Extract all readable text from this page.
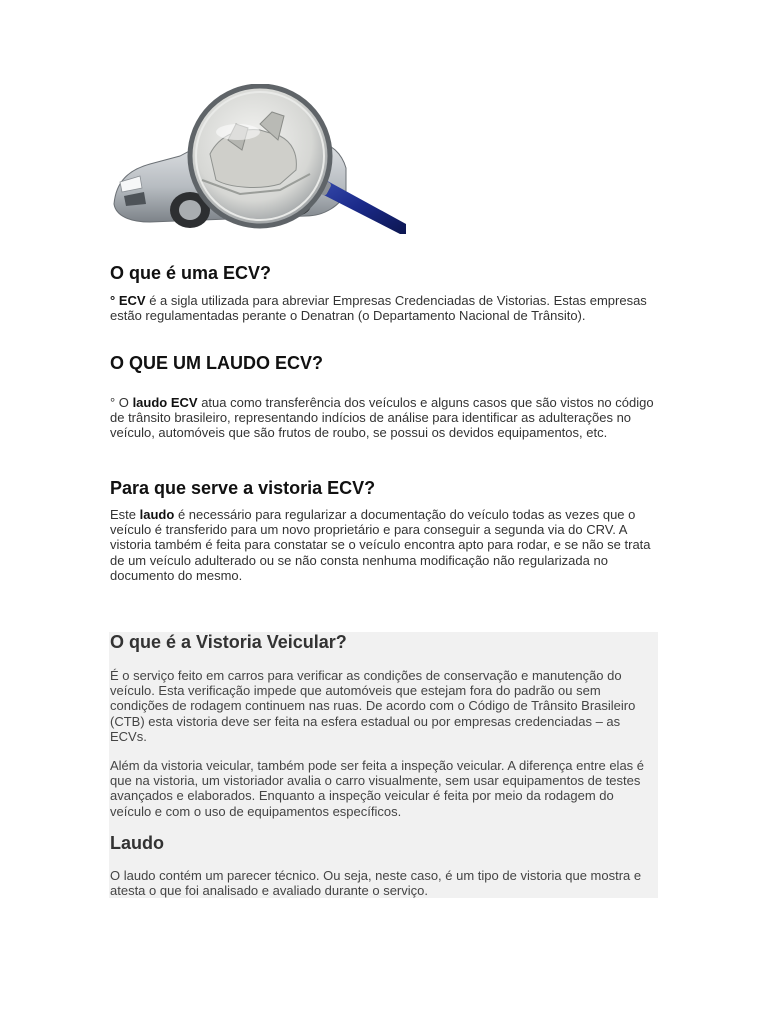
O que é uma ECV?
° ECV é a sigla utilizada para abreviar Empresas Credenciadas de Vistorias. Estas empresas estão regulamentadas perante o Denatran (o Departamento Nacional de Trânsito).
O QUE UM LAUDO ECV?
° O laudo ECV atua como transferência dos veículos e alguns casos que são vistos no código de trânsito brasileiro, representando indícios de análise para identificar as adulterações no veículo, automóveis que são frutos de roubo, se possui os devidos equipamentos, etc.
Para que serve a vistoria ECV?
Este laudo é necessário para regularizar a documentação do veículo todas as vezes que o veículo é transferido para um novo proprietário e para conseguir a segunda via do CRV. A vistoria também é feita para constatar se o veículo encontra apto para rodar, e se não se trata de um veículo adulterado ou se não consta nenhuma modificação não regularizada no documento do mesmo.
O que é a Vistoria Veicular?
É o serviço feito em carros para verificar as condições de conservação e manutenção do veículo. Esta verificação impede que automóveis que estejam fora do padrão ou sem condições de rodagem continuem nas ruas. De acordo com o Código de Trânsito Brasileiro (CTB) esta vistoria deve ser feita na esfera estadual ou por empresas credenciadas – as ECVs.
Além da vistoria veicular, também pode ser feita a inspeção veicular. A diferença entre elas é que na vistoria, um vistoriador avalia o carro visualmente, sem usar equipamentos de testes avançados e elaborados. Enquanto a inspeção veicular é feita por meio da rodagem do veículo e com o uso de equipamentos específicos.
Laudo
O laudo contém um parecer técnico. Ou seja, neste caso, é um tipo de vistoria que mostra e atesta o que foi analisado e avaliado durante o serviço.
